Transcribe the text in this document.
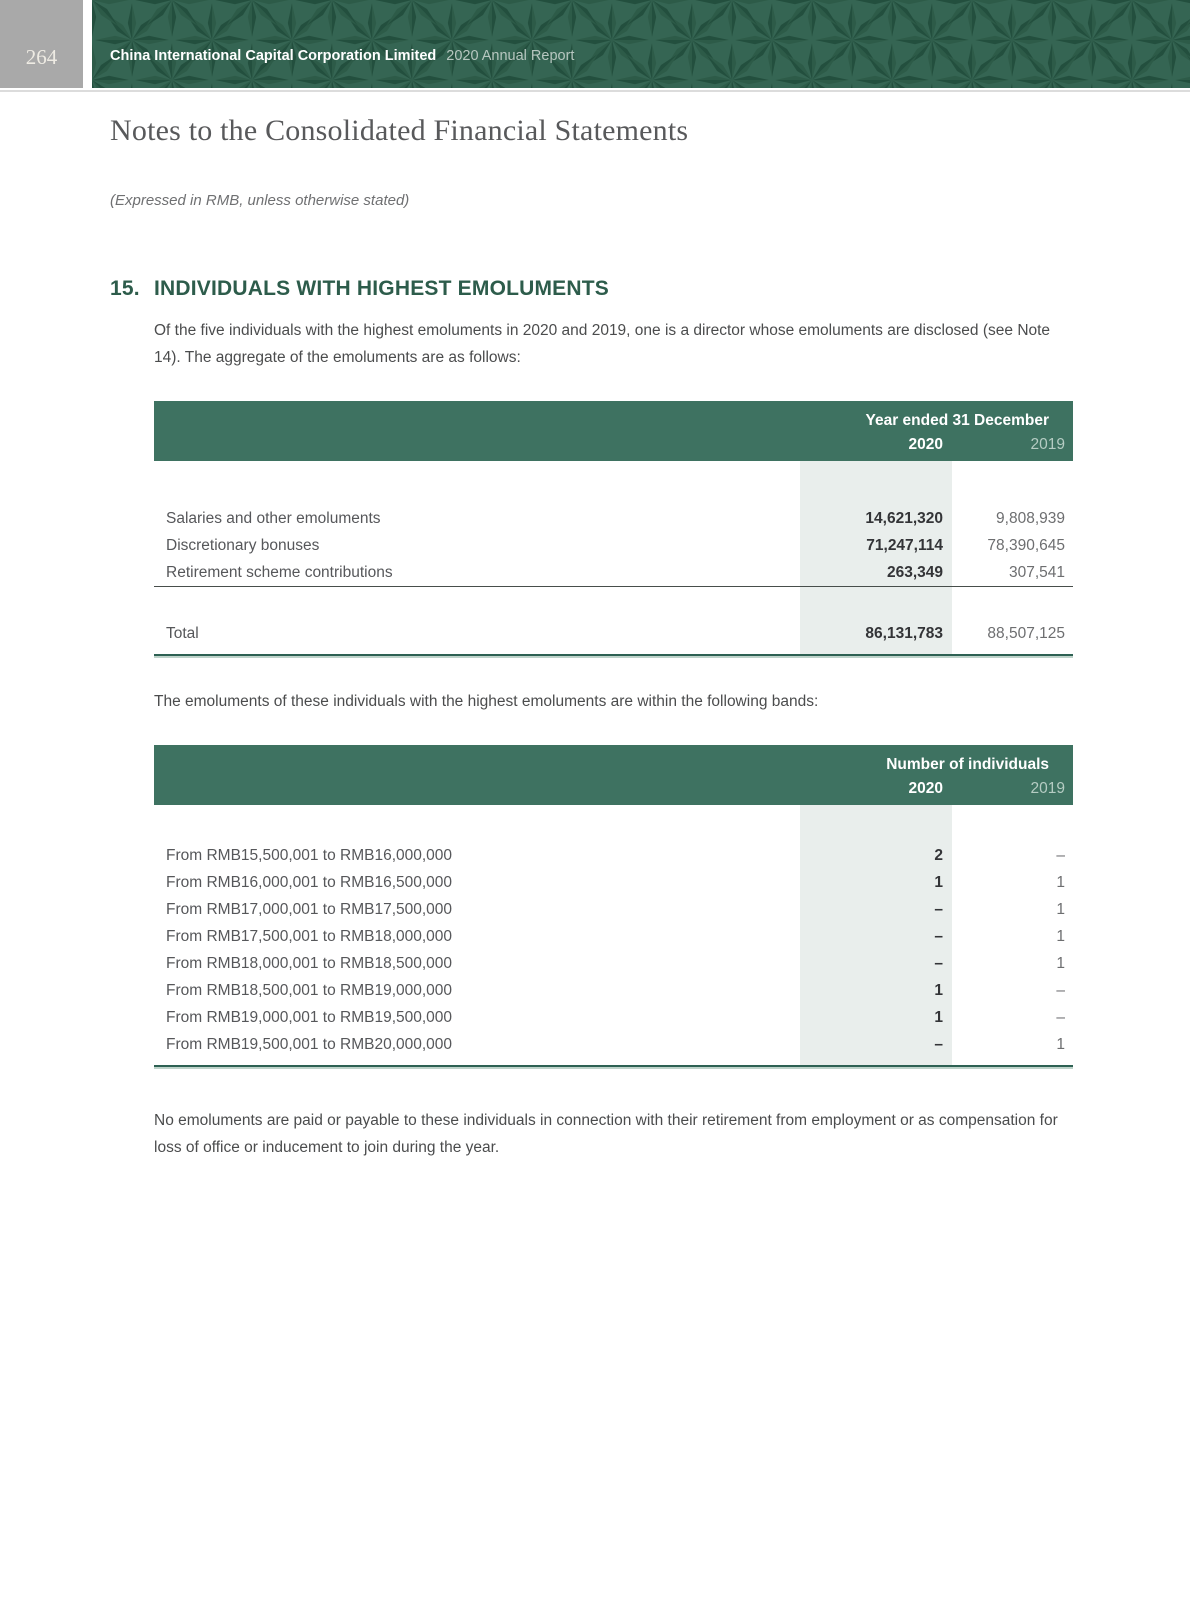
264	China International Capital Corporation Limited 2020 Annual Report
Notes to the Consolidated Financial Statements
(Expressed in RMB, unless otherwise stated)
15. INDIVIDUALS WITH HIGHEST EMOLUMENTS

Of the five individuals with the highest emoluments in 2020 and 2019, one is a director whose emoluments are disclosed (see Note 14). The aggregate of the emoluments are as follows:

Year ended 31 December
2020	2019
Salaries and other emoluments	14,621,320	9,808,939
Discretionary bonuses	71,247,114	78,390,645
Retirement scheme contributions	263,349	307,541
Total	86,131,783	88,507,125

The emoluments of these individuals with the highest emoluments are within the following bands:

Number of individuals
2020	2019
From RMB15,500,001 to RMB16,000,000	2	–
From RMB16,000,001 to RMB16,500,000	1	1
From RMB17,000,001 to RMB17,500,000	–	1
From RMB17,500,001 to RMB18,000,000	–	1
From RMB18,000,001 to RMB18,500,000	–	1
From RMB18,500,001 to RMB19,000,000	1	–
From RMB19,000,001 to RMB19,500,000	1	–
From RMB19,500,001 to RMB20,000,000	–	1

No emoluments are paid or payable to these individuals in connection with their retirement from employment or as compensation for loss of office or inducement to join during the year.
